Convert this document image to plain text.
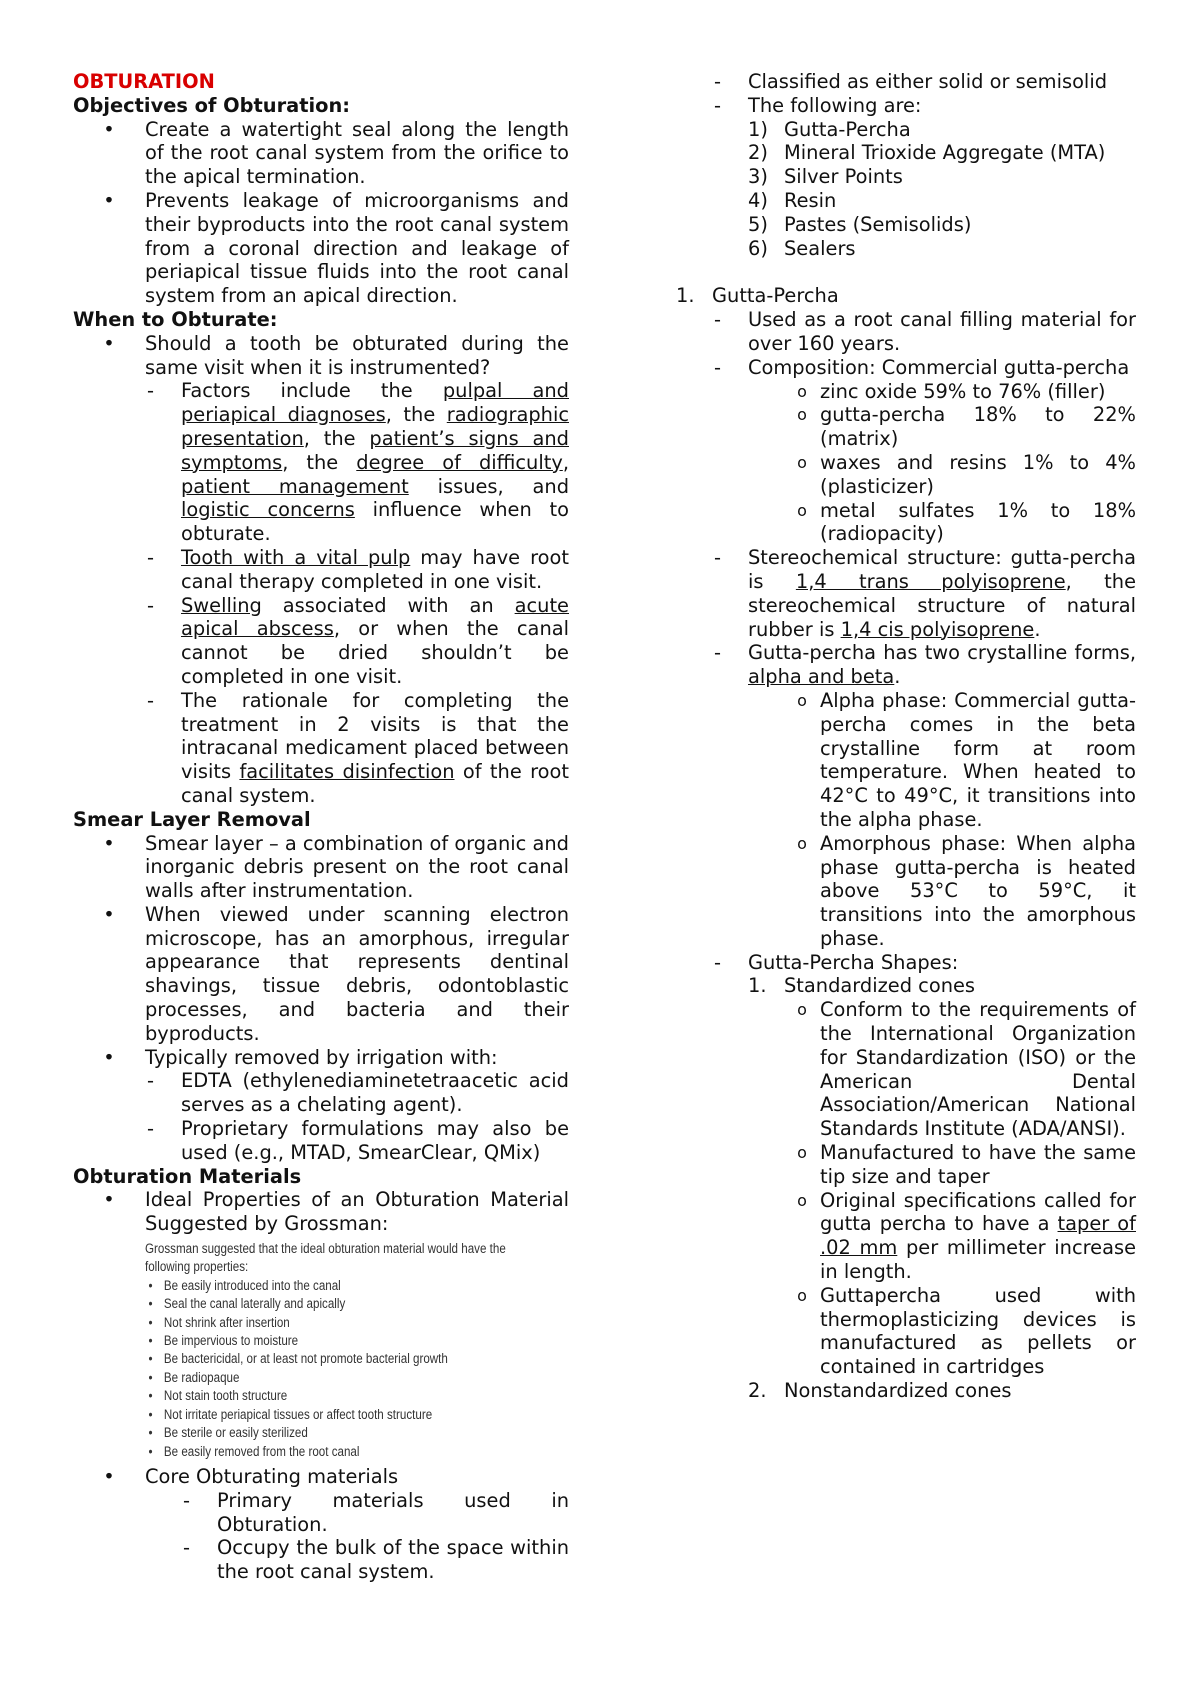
OBTURATION

Objectives of Obturation:

•	Create a watertight seal along the length of the root canal system from the orifice to the apical termination.
•	Prevents leakage of microorganisms and their byproducts into the root canal system from a coronal direction and leakage of periapical tissue fluids into the root canal system from an apical direction.

When to Obturate:

•	Should a tooth be obturated during the same visit when it is instrumented?
-	Factors include the pulpal and periapical diagnoses, the radiographic presentation, the patient’s signs and symptoms, the degree of difficulty, patient management issues, and logistic concerns influence when to obturate.
-	Tooth with a vital pulp may have root canal therapy completed in one visit.
-	Swelling associated with an acute apical abscess, or when the canal cannot be dried shouldn’t be completed in one visit.
-	The rationale for completing the treatment in 2 visits is that the intracanal medicament placed between visits facilitates disinfection of the root canal system.

Smear Layer Removal

•	Smear layer – a combination of organic and inorganic debris present on the root canal walls after instrumentation.
•	When viewed under scanning electron microscope, has an amorphous, irregular appearance that represents dentinal shavings, tissue debris, odontoblastic processes, and bacteria and their byproducts.
•	Typically removed by irrigation with:
-	EDTA (ethylenediaminetetraacetic acid serves as a chelating agent).
-	Proprietary formulations may also be used (e.g., MTAD, SmearClear, QMix)

Obturation Materials

•	Ideal Properties of an Obturation Material Suggested by Grossman:
Grossman suggested that the ideal obturation material would have the following properties:
• Be easily introduced into the canal
• Seal the canal laterally and apically
• Not shrink after insertion
• Be impervious to moisture
• Be bactericidal, or at least not promote bacterial growth
• Be radiopaque
• Not stain tooth structure
• Not irritate periapical tissues or affect tooth structure
• Be sterile or easily sterilized
• Be easily removed from the root canal
•	Core Obturating materials
-	Primary materials used in Obturation.
-	Occupy the bulk of the space within the root canal system.
-	Classified as either solid or semisolid
-	The following are:
1) Gutta-Percha
2) Mineral Trioxide Aggregate (MTA)
3) Silver Points
4) Resin
5) Pastes (Semisolids)
6) Sealers
1. Gutta-Percha
-	Used as a root canal filling material for over 160 years.
-	Composition: Commercial gutta-percha
o zinc oxide 59% to 76% (filler)
o gutta-percha 18% to 22% (matrix)
o waxes and resins 1% to 4% (plasticizer)
o metal sulfates 1% to 18% (radiopacity)
-	Stereochemical structure: gutta-percha is 1,4 trans polyisoprene, the stereochemical structure of natural rubber is 1,4 cis polyisoprene.
-	Gutta-percha has two crystalline forms, alpha and beta.
o Alpha phase: Commercial gutta-percha comes in the beta crystalline form at room temperature. When heated to 42°C to 49°C, it transitions into the alpha phase.
o Amorphous phase: When alpha phase gutta-percha is heated above 53°C to 59°C, it transitions into the amorphous phase.
-	Gutta-Percha Shapes:
1. Standardized cones
o Conform to the requirements of the International Organization for Standardization (ISO) or the American Dental Association/American National Standards Institute (ADA/ANSI).
o Manufactured to have the same tip size and taper
o Original specifications called for gutta percha to have a taper of .02 mm per millimeter increase in length.
o Guttapercha used with thermoplasticizing devices is manufactured as pellets or contained in cartridges
2. Nonstandardized cones
